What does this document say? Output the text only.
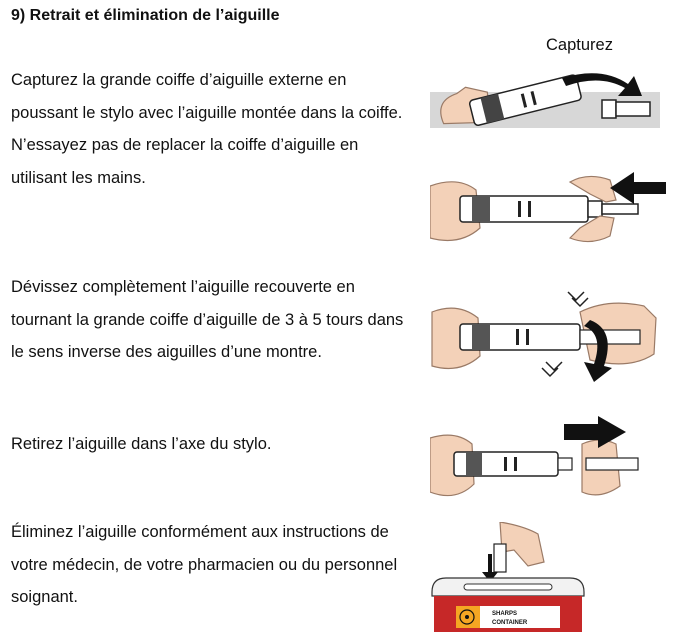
9) Retrait et élimination de l’aiguille

Capturez la grande coiffe d’aiguille externe en poussant le stylo avec l’aiguille montée dans la coiffe. N’essayez pas de replacer la coiffe d’aiguille en utilisant les mains.

Dévissez complètement l’aiguille recouverte en tournant la grande coiffe d’aiguille de 3 à 5 tours dans le sens inverse des aiguilles d’une montre.

Retirez l’aiguille dans l’axe du stylo.

Éliminez l’aiguille conformément aux instructions de votre médecin, de votre pharmacien ou du personnel soignant.

Capturez
SHARPS
CONTAINER
